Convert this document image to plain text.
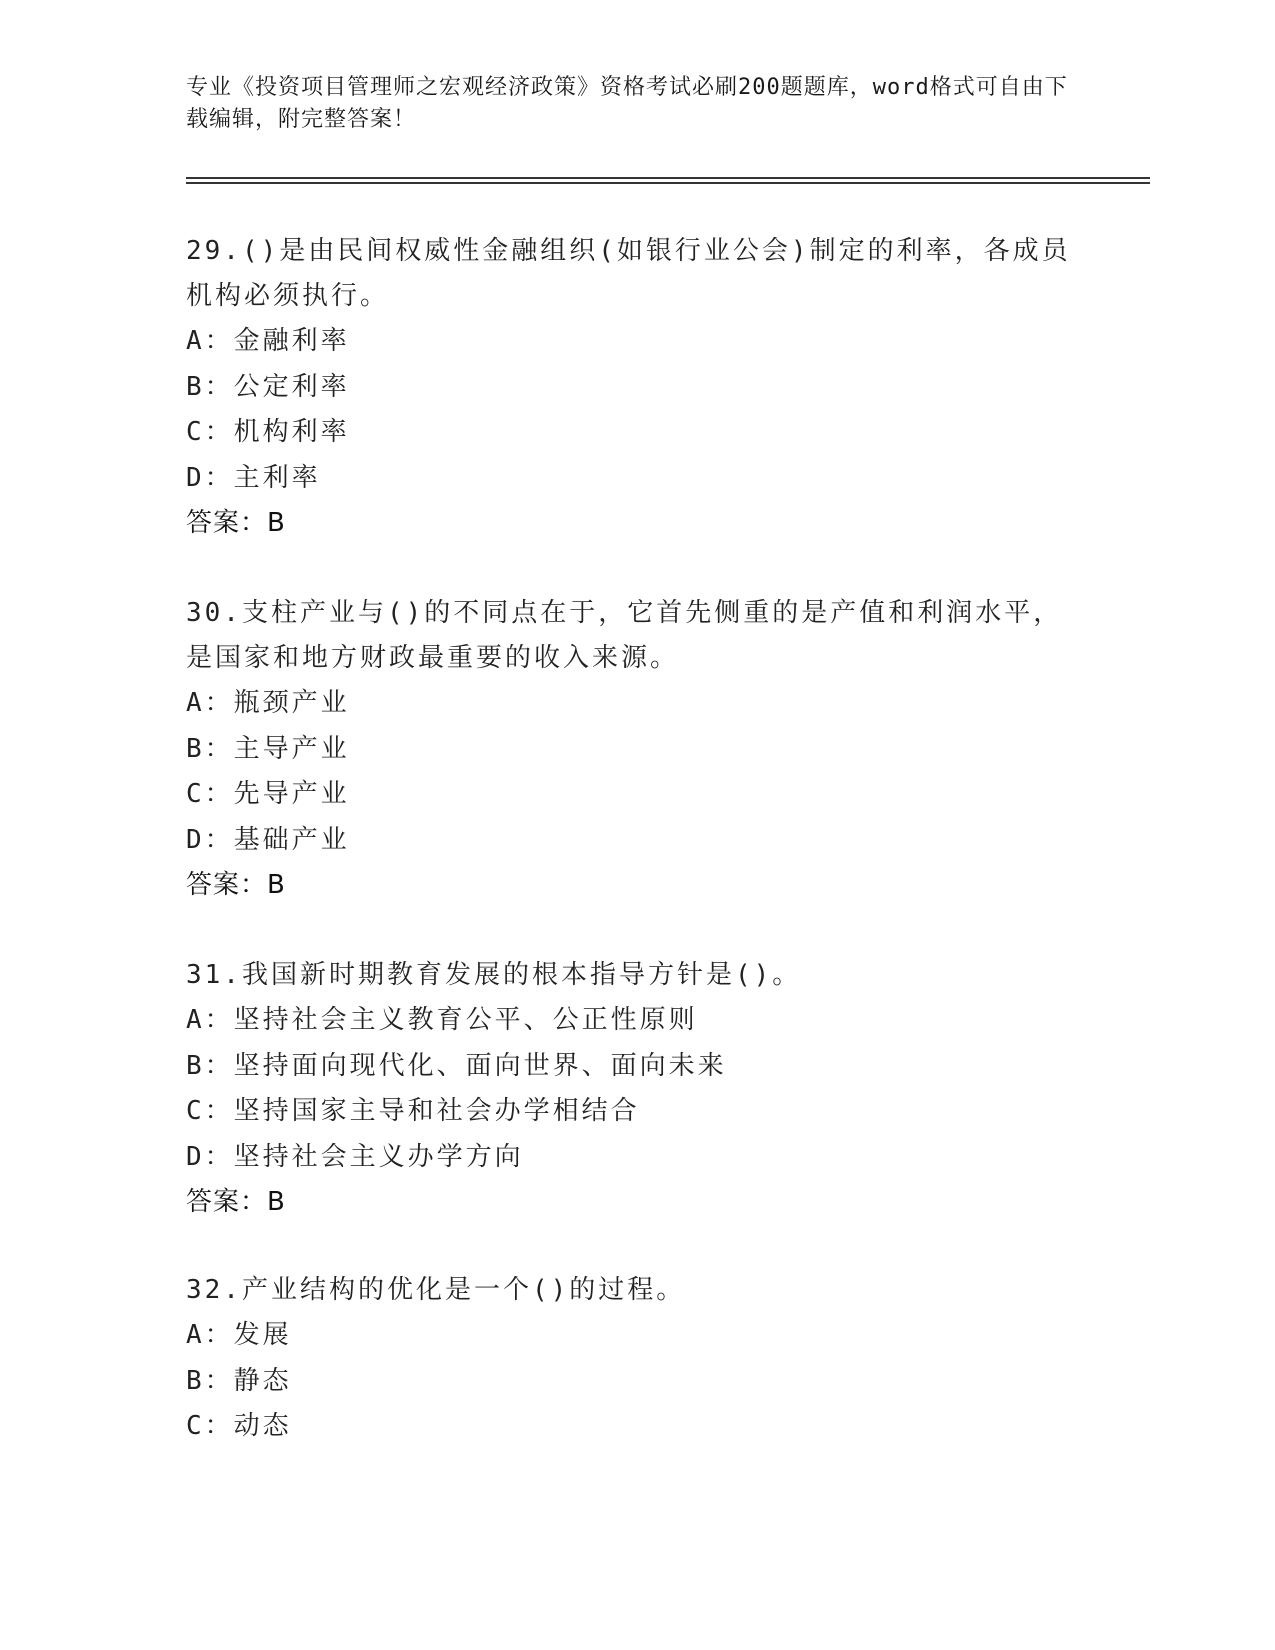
专业《投资项目管理师之宏观经济政策》资格考试必刷200题题库，word格式可自由下载编辑，附完整答案！

29.()是由民间权威性金融组织(如银行业公会)制定的利率，各成员机构必须执行。

A：金融利率

B：公定利率

C：机构利率

D：主利率

答案：B

30.支柱产业与()的不同点在于，它首先侧重的是产值和利润水平，是国家和地方财政最重要的收入来源。

A：瓶颈产业

B：主导产业

C：先导产业

D：基础产业

答案：B

31.我国新时期教育发展的根本指导方针是()。

A：坚持社会主义教育公平、公正性原则

B：坚持面向现代化、面向世界、面向未来

C：坚持国家主导和社会办学相结合

D：坚持社会主义办学方向

答案：B

32.产业结构的优化是一个()的过程。

A：发展

B：静态

C：动态
